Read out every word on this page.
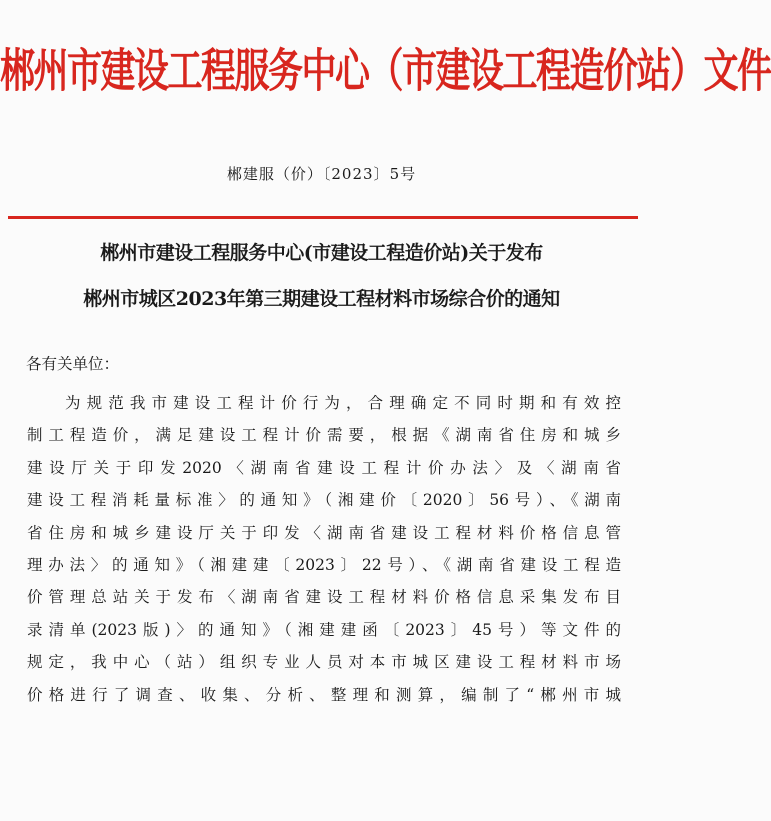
郴州市建设工程服务中心（市建设工程造价站）文件
郴建服（价）〔2023〕5号
郴州市建设工程服务中心(市建设工程造价站)关于发布
郴州市城区2023年第三期建设工程材料市场综合价的通知
各有关单位：
为规范我市建设工程计价行为，合理确定不同时期和有效控
制工程造价，满足建设工程计价需要，根据《湖南省住房和城乡
建设厅关于印发2020〈湖南省建设工程计价办法〉及〈湖南省
建设工程消耗量标准〉的通知》（湘建价〔2020〕56号）、《湖南
省住房和城乡建设厅关于印发〈湖南省建设工程材料价格信息管
理办法〉的通知》（湘建建〔2023〕22号）、《湖南省建设工程造
价管理总站关于发布〈湖南省建设工程材料价格信息采集发布目
录清单(2023版)〉的通知》（湘建建函〔2023〕45号）等文件的
规定，我中心（站）组织专业人员对本市城区建设工程材料市场
价格进行了调查、收集、分析、整理和测算，编制了“郴州市城
